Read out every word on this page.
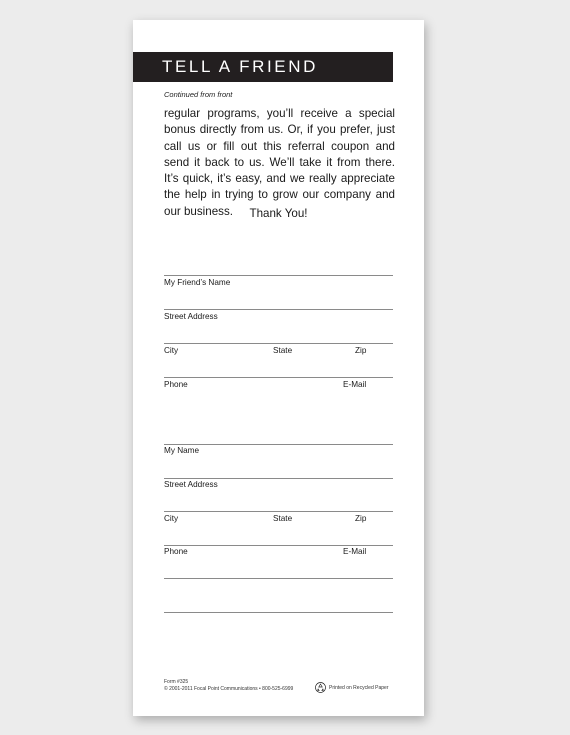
TELL A FRIEND
Continued from front
regular programs, you’ll receive a special bonus directly from us. Or, if you prefer, just call us or fill out this referral coupon and send it back to us. We’ll take it from there. It’s quick, it’s easy, and we really appreciate the help in trying to grow our company and our business.	Thank You!
My Friend’s Name
Street Address
City	State	Zip
Phone	E-Mail
My Name
Street Address
City	State	Zip
Phone	E-Mail
Form #325
© 2001-2011 Focal Point Communications • 800-525-6999	Printed on Recycled Paper
